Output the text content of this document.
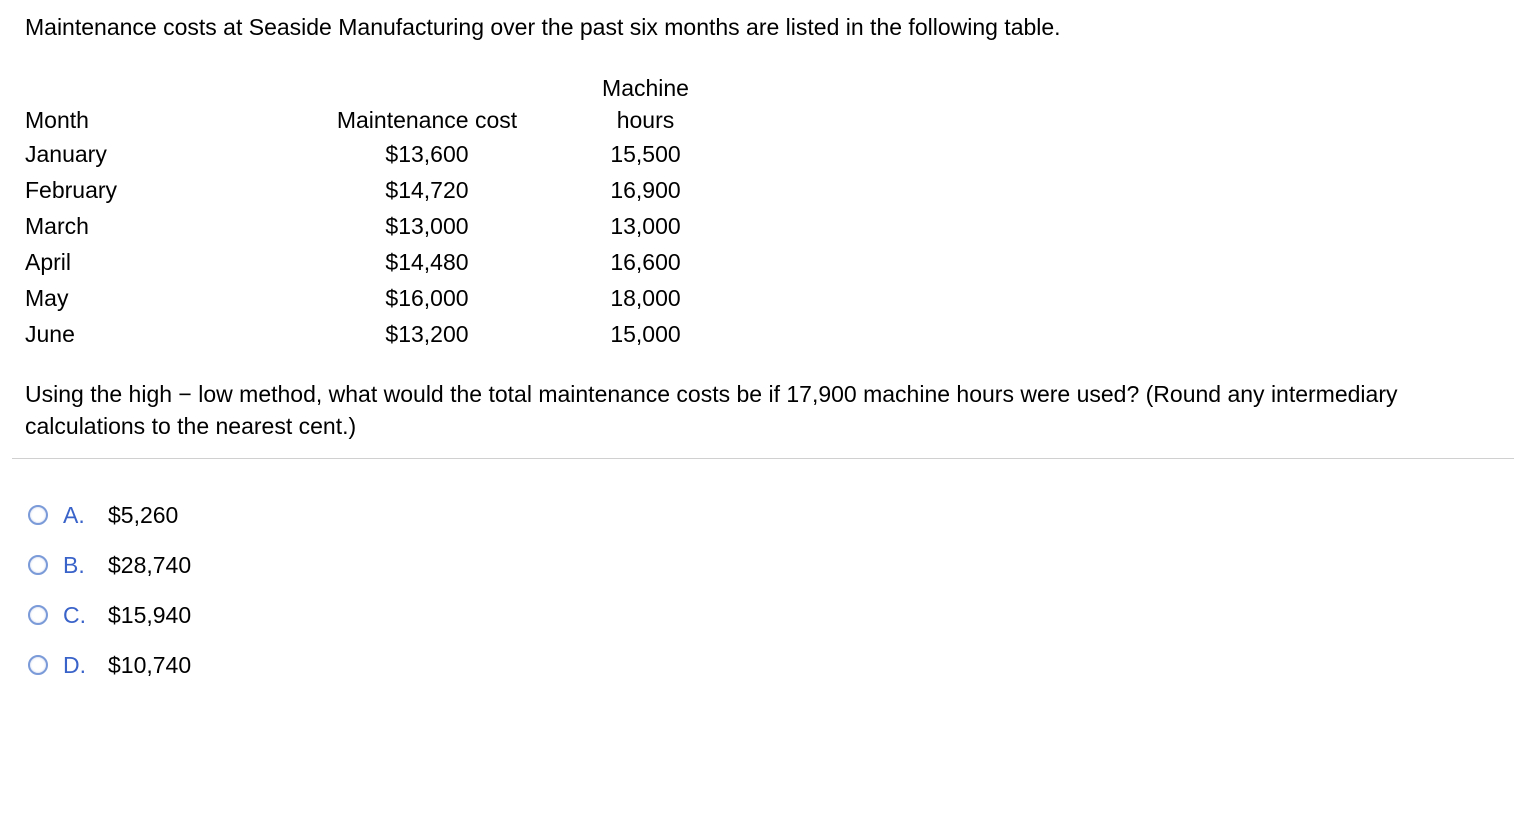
Maintenance costs at Seaside Manufacturing over the past six months are listed in the following table.
Month	Maintenance cost	Machine
hours

January	$13,600	15,500
February	$14,720	16,900
March	$13,000	13,000
April	$14,480	16,600
May	$16,000	18,000
June	$13,200	15,000
Using the high − low method, what would the total maintenance costs be if 17,900 machine hours were used? (Round any intermediary calculations to the nearest cent.)
A.	$5,260
B.	$28,740
C. $15,940
D. $10,740
